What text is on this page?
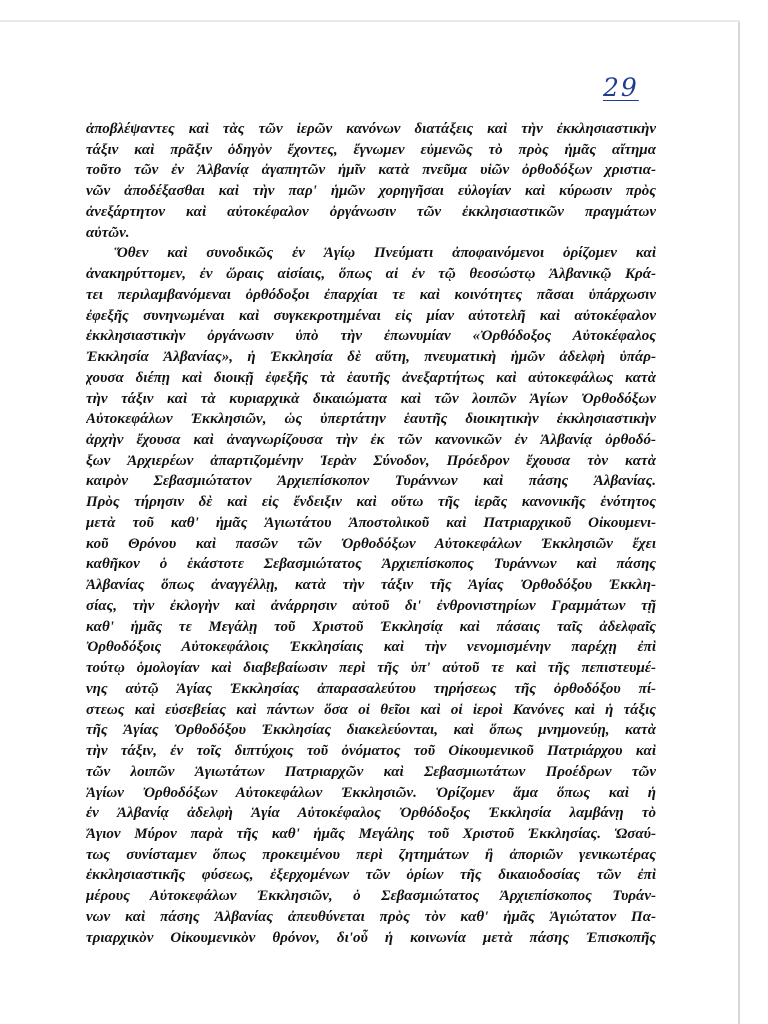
29
ἀποβλέψαντες καὶ τὰς τῶν ἱερῶν κανόνων διατάξεις καὶ τὴν ἐκκλησιαστικὴν
τάξιν καὶ πρᾶξιν ὁδηγὸν ἔχοντες, ἔγνωμεν εὐμενῶς τὸ πρὸς ἡμᾶς αἴτημα
τοῦτο τῶν ἐν Ἀλβανίᾳ ἀγαπητῶν ἡμῖν κατὰ πνεῦμα υἱῶν ὀρθοδόξων χριστια-
νῶν ἀποδέξασθαι καὶ τὴν παρ' ἡμῶν χορηγῆσαι εὐλογίαν καὶ κύρωσιν πρὸς
ἀνεξάρτητον καὶ αὐτοκέφαλον ὀργάνωσιν τῶν ἐκκλησιαστικῶν πραγμάτων
αὐτῶν.
Ὅθεν καὶ συνοδικῶς ἐν Ἁγίῳ Πνεύματι ἀποφαινόμενοι ὁρίζομεν καὶ
ἀνακηρύττομεν, ἐν ὥραις αἰσίαις, ὅπως αἱ ἐν τῷ θεοσώστῳ Ἀλβανικῷ Κρά-
τει περιλαμβανόμεναι ὀρθόδοξοι ἐπαρχίαι τε καὶ κοινότητες πᾶσαι ὑπάρχωσιν
ἐφεξῆς συνηνωμέναι καὶ συγκεκροτημέναι εἰς μίαν αὐτοτελῆ καὶ αὐτοκέφαλον
ἐκκλησιαστικὴν ὀργάνωσιν ὑπὸ τὴν ἐπωνυμίαν «Ὀρθόδοξος Αὐτοκέφαλος
Ἐκκλησία Ἀλβανίας», ἡ Ἐκκλησία δὲ αὕτη, πνευματικὴ ἡμῶν ἀδελφὴ ὑπάρ-
χουσα διέπῃ καὶ διοικῇ ἐφεξῆς τὰ ἑαυτῆς ἀνεξαρτήτως καὶ αὐτοκεφάλως κατὰ
τὴν τάξιν καὶ τὰ κυριαρχικὰ δικαιώματα καὶ τῶν λοιπῶν Ἁγίων Ὀρθοδόξων
Αὐτοκεφάλων Ἐκκλησιῶν, ὡς ὑπερτάτην ἑαυτῆς διοικητικὴν ἐκκλησιαστικὴν
ἀρχὴν ἔχουσα καὶ ἀναγνωρίζουσα τὴν ἐκ τῶν κανονικῶν ἐν Ἀλβανίᾳ ὀρθοδό-
ξων Ἀρχιερέων ἀπαρτιζομένην Ἱερὰν Σύνοδον, Πρόεδρον ἔχουσα τὸν κατὰ
καιρὸν Σεβασμιώτατον Ἀρχιεπίσκοπον Τυράννων καὶ πάσης Ἀλβανίας.
Πρὸς τήρησιν δὲ καὶ εἰς ἔνδειξιν καὶ οὕτω τῆς ἱερᾶς κανονικῆς ἑνότητος
μετὰ τοῦ καθ' ἡμᾶς Ἁγιωτάτου Ἀποστολικοῦ καὶ Πατριαρχικοῦ Οἰκουμενι-
κοῦ Θρόνου καὶ πασῶν τῶν Ὀρθοδόξων Αὐτοκεφάλων Ἐκκλησιῶν ἔχει
καθῆκον ὁ ἑκάστοτε Σεβασμιώτατος Ἀρχιεπίσκοπος Τυράννων καὶ πάσης
Ἀλβανίας ὅπως ἀναγγέλλῃ, κατὰ τὴν τάξιν τῆς Ἁγίας Ὀρθοδόξου Ἐκκλη-
σίας, τὴν ἐκλογὴν καὶ ἀνάρρησιν αὐτοῦ δι' ἐνθρονιστηρίων Γραμμάτων τῇ
καθ' ἡμᾶς τε Μεγάλῃ τοῦ Χριστοῦ Ἐκκλησίᾳ καὶ πάσαις ταῖς ἀδελφαῖς
Ὀρθοδόξοις Αὐτοκεφάλοις Ἐκκλησίαις καὶ τὴν νενομισμένην παρέχῃ ἐπὶ
τούτῳ ὁμολογίαν καὶ διαβεβαίωσιν περὶ τῆς ὑπ' αὐτοῦ τε καὶ τῆς πεπιστευμέ-
νης αὐτῷ Ἁγίας Ἐκκλησίας ἀπαρασαλεύτου τηρήσεως τῆς ὀρθοδόξου πί-
στεως καὶ εὐσεβείας καὶ πάντων ὅσα οἱ θεῖοι καὶ οἱ ἱεροὶ Κανόνες καὶ ἡ τάξις
τῆς Ἁγίας Ὀρθοδόξου Ἐκκλησίας διακελεύονται, καὶ ὅπως μνημονεύῃ, κατὰ
τὴν τάξιν, ἐν τοῖς διπτύχοις τοῦ ὀνόματος τοῦ Οἰκουμενικοῦ Πατριάρχου καὶ
τῶν λοιπῶν Ἁγιωτάτων Πατριαρχῶν καὶ Σεβασμιωτάτων Προέδρων τῶν
Ἁγίων Ὀρθοδόξων Αὐτοκεφάλων Ἐκκλησιῶν. Ὁρίζομεν ἅμα ὅπως καὶ ἡ
ἐν Ἀλβανίᾳ ἀδελφὴ Ἁγία Αὐτοκέφαλος Ὀρθόδοξος Ἐκκλησία λαμβάνῃ τὸ
Ἅγιον Μύρον παρὰ τῆς καθ' ἡμᾶς Μεγάλης τοῦ Χριστοῦ Ἐκκλησίας. Ὡσαύ-
τως συνίσταμεν ὅπως προκειμένου περὶ ζητημάτων ἢ ἀποριῶν γενικωτέρας
ἐκκλησιαστικῆς φύσεως, ἐξερχομένων τῶν ὁρίων τῆς δικαιοδοσίας τῶν ἐπὶ
μέρους Αὐτοκεφάλων Ἐκκλησιῶν, ὁ Σεβασμιώτατος Ἀρχιεπίσκοπος Τυράν-
νων καὶ πάσης Ἀλβανίας ἀπευθύνεται πρὸς τὸν καθ' ἡμᾶς Ἁγιώτατον Πα-
τριαρχικὸν Οἰκουμενικὸν θρόνον, δι'οὗ ἡ κοινωνία μετὰ πάσης Ἐπισκοπῆς
